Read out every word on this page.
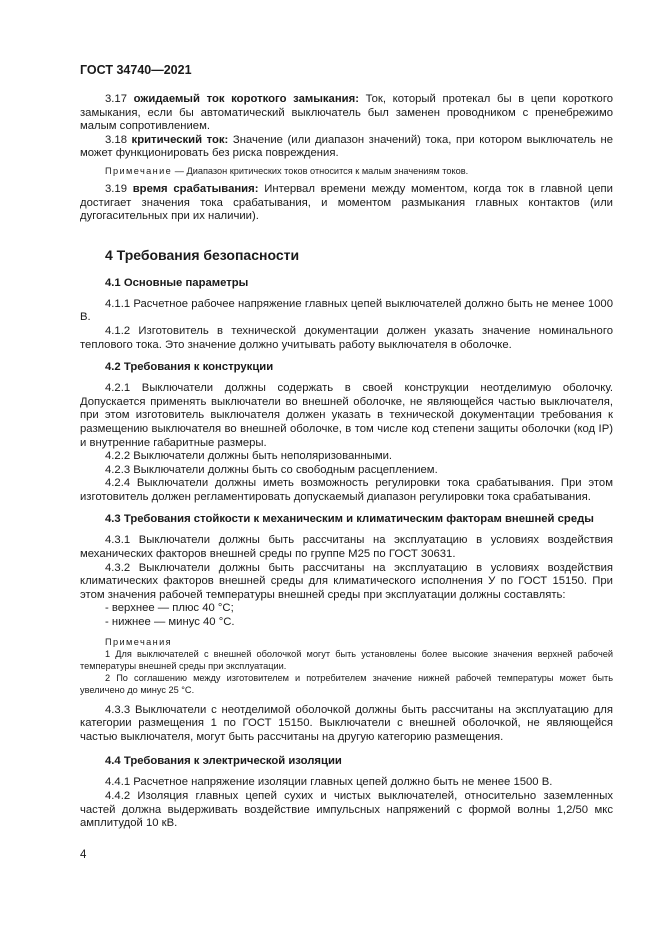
ГОСТ 34740—2021

3.17 ожидаемый ток короткого замыкания: Ток, который протекал бы в цепи короткого замыкания, если бы автоматический выключатель был заменен проводником с пренебрежимо малым сопротивлением.

3.18 критический ток: Значение (или диапазон значений) тока, при котором выключатель не может функционировать без риска повреждения.

Примечание — Диапазон критических токов относится к малым значениям токов.

3.19 время срабатывания: Интервал времени между моментом, когда ток в главной цепи достигает значения тока срабатывания, и моментом размыкания главных контактов (или дугогасительных при их наличии).

4 Требования безопасности
4.1 Основные параметры

4.1.1 Расчетное рабочее напряжение главных цепей выключателей должно быть не менее 1000 В.

4.1.2 Изготовитель в технической документации должен указать значение номинального теплового тока. Это значение должно учитывать работу выключателя в оболочке.

4.2 Требования к конструкции

4.2.1 Выключатели должны содержать в своей конструкции неотделимую оболочку. Допускается применять выключатели во внешней оболочке, не являющейся частью выключателя, при этом изготовитель выключателя должен указать в технической документации требования к размещению выключателя во внешней оболочке, в том числе код степени защиты оболочки (код IP) и внутренние габаритные размеры.

4.2.2 Выключатели должны быть неполяризованными.

4.2.3 Выключатели должны быть со свободным расцеплением.

4.2.4 Выключатели должны иметь возможность регулировки тока срабатывания. При этом изготовитель должен регламентировать допускаемый диапазон регулировки тока срабатывания.

4.3 Требования стойкости к механическим и климатическим факторам внешней среды

4.3.1 Выключатели должны быть рассчитаны на эксплуатацию в условиях воздействия механических факторов внешней среды по группе М25 по ГОСТ 30631.

4.3.2 Выключатели должны быть рассчитаны на эксплуатацию в условиях воздействия климатических факторов внешней среды для климатического исполнения У по ГОСТ 15150. При этом значения рабочей температуры внешней среды при эксплуатации должны составлять:

- верхнее — плюс 40 °С;

- нижнее — минус 40 °С.

Примечания

1 Для выключателей с внешней оболочкой могут быть установлены более высокие значения верхней рабочей температуры внешней среды при эксплуатации.

2 По соглашению между изготовителем и потребителем значение нижней рабочей температуры может быть увеличено до минус 25 °С.

4.3.3 Выключатели с неотделимой оболочкой должны быть рассчитаны на эксплуатацию для категории размещения 1 по ГОСТ 15150. Выключатели с внешней оболочкой, не являющейся частью выключателя, могут быть рассчитаны на другую категорию размещения.

4.4 Требования к электрической изоляции

4.4.1 Расчетное напряжение изоляции главных цепей должно быть не менее 1500 В.

4.4.2 Изоляция главных цепей сухих и чистых выключателей, относительно заземленных частей должна выдерживать воздействие импульсных напряжений с формой волны 1,2/50 мкс амплитудой 10 кВ.

4
